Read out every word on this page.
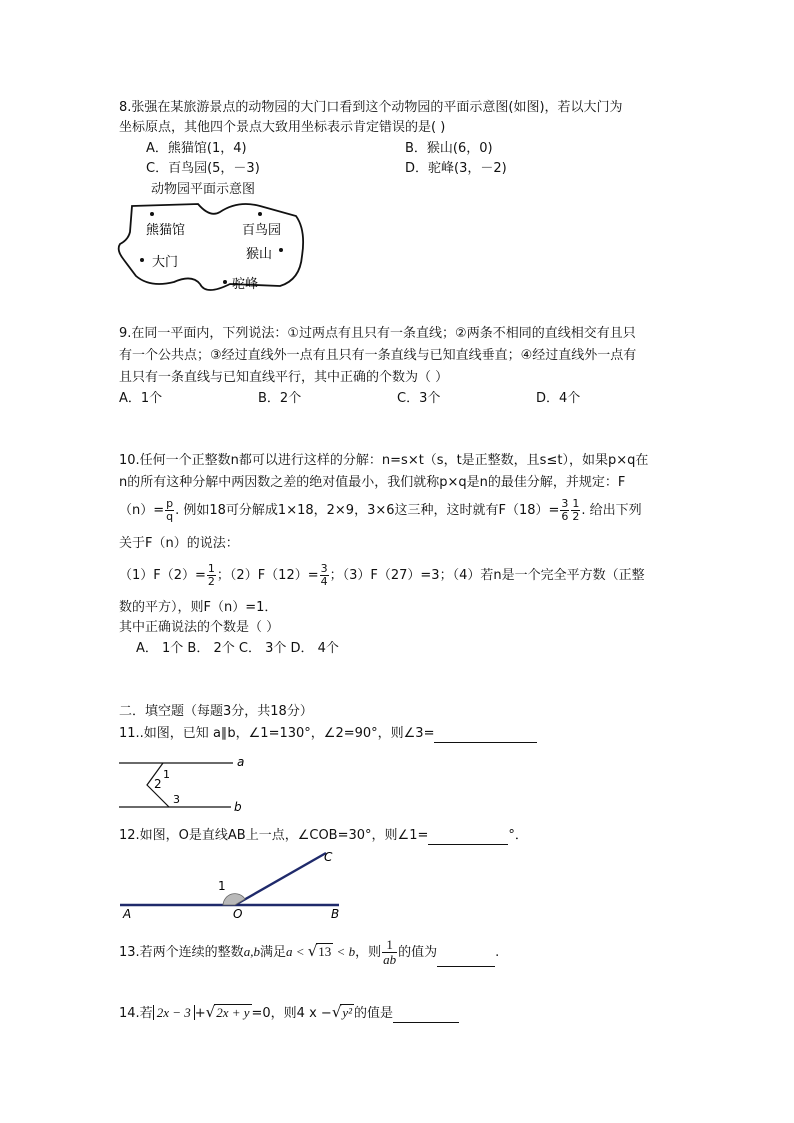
8.张强在某旅游景点的动物园的大门口看到这个动物园的平面示意图(如图)，若以大门为
坐标原点，其他四个景点大致用坐标表示肯定错误的是( )
A．熊猫馆(1，4)	B．猴山(6，0)
C．百鸟园(5，－3)	D．驼峰(3，－2)
动物园平面示意图
熊猫馆	百鸟园
猴山
大门
驼峰
9.在同一平面内，下列说法：①过两点有且只有一条直线；②两条不相同的直线相交有且只
有一个公共点；③经过直线外一点有且只有一条直线与已知直线垂直；④经过直线外一点有
且只有一条直线与已知直线平行，其中正确的个数为（ ）
A．1个	B．2个	C．3个	D．4个
10.任何一个正整数n都可以进行这样的分解：n=s×t（s，t是正整数，且s≤t），如果p×q在
n的所有这种分解中两因数之差的绝对值最小，我们就称p×q是n的最佳分解，并规定：F
$(n)= \frac{p}{q}$ . 例如18可分解成1×18，2×9，3×6这三种，这时就有$F(18)= \frac{3}{6} \frac{1}{2}$ . 给出下列
关于F（n）的说法：
$(1)F(2)= \frac{1}{2}$ ；$(2)F(12)= \frac{3}{4}$ ；（3）F（27）=3；（4）若n是一个完全平方数（正整
数的平方），则F（n）=1．
其中正确说法的个数是（ ）
A． 1个 B． 2个 C． 3个 D． 4个
二．填空题（每题3分，共18分）
11..如图，已知 a∥b，∠1=130°，∠2=90°，则∠3=
a
b
1
2
3
12.如图，O是直线AB上一点，∠COB=30°，则∠1=	°．
A	O	B
C
1
13.若两个连续的整数a,b满足a < √13 < b，则 $\frac{1}{ab}$ 的值为	.
14.若 2x − 3 +√2x + y =0，则4 x −√y² 的值是
